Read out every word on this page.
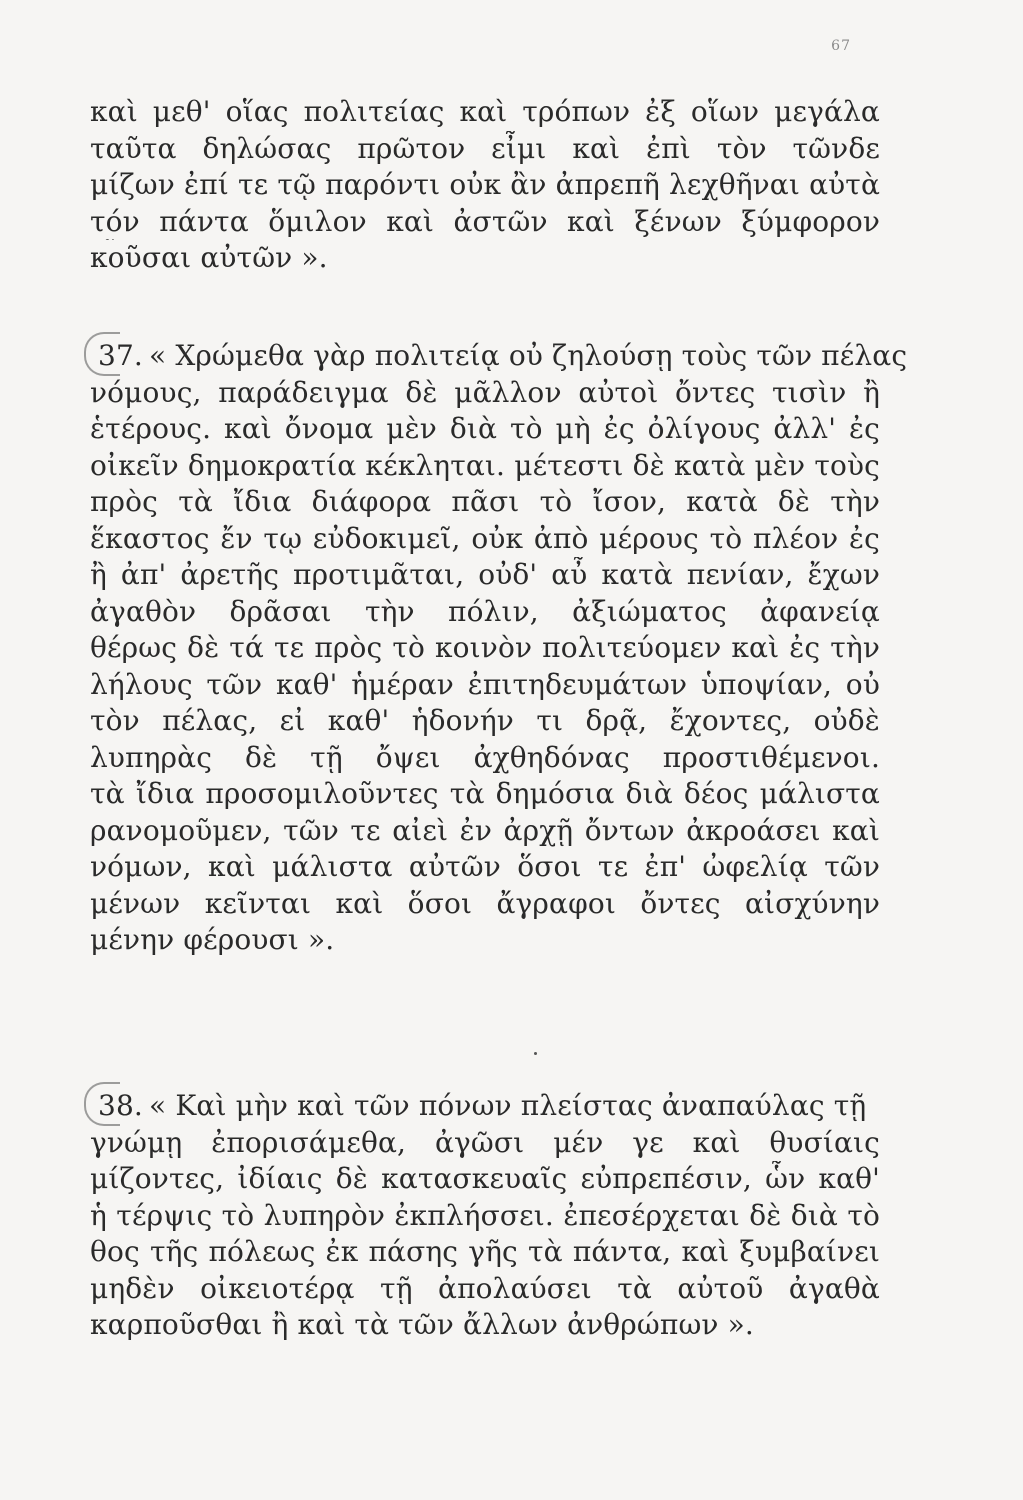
67
καὶ μεθ' οἵας πολιτείας καὶ τρόπων ἐξ οἵων μεγάλα
ταῦτα δηλώσας πρῶτον εἶμι καὶ ἐπὶ τὸν τῶνδε
μίζων ἐπί τε τῷ παρόντι οὐκ ἂν ἀπρεπῆ λεχθῆναι αὐτὰ
τόν πάντα ὅμιλον καὶ ἀστῶν καὶ ξένων ξύμφορον
κοῦσαι αὐτῶν ».
37. « Χρώμεθα γὰρ πολιτείᾳ οὐ ζηλούσῃ τοὺς τῶν πέλας
νόμους, παράδειγμα δὲ μᾶλλον αὐτοὶ ὄντες τισὶν ἢ
ἑτέρους. καὶ ὄνομα μὲν διὰ τὸ μὴ ἐς ὀλίγους ἀλλ' ἐς
οἰκεῖν δημοκρατία κέκληται. μέτεστι δὲ κατὰ μὲν τοὺς
πρὸς τὰ ἴδια διάφορα πᾶσι τὸ ἴσον, κατὰ δὲ τὴν
ἕκαστος ἔν τῳ εὐδοκιμεῖ, οὐκ ἀπὸ μέρους τὸ πλέον ἐς
ἢ ἀπ' ἀρετῆς προτιμᾶται, οὐδ' αὖ κατὰ πενίαν, ἔχων
ἀγαθὸν δρᾶσαι τὴν πόλιν, ἀξιώματος ἀφανείᾳ
θέρως δὲ τά τε πρὸς τὸ κοινὸν πολιτεύομεν καὶ ἐς τὴν
λήλους τῶν καθ' ἡμέραν ἐπιτηδευμάτων ὑποψίαν, οὐ
τὸν πέλας, εἰ καθ' ἡδονήν τι δρᾷ, ἔχοντες, οὐδὲ
λυπηρὰς δὲ τῇ ὄψει ἀχθηδόνας προστιθέμενοι.
τὰ ἴδια προσομιλοῦντες τὰ δημόσια διὰ δέος μάλιστα
ρανομοῦμεν, τῶν τε αἰεὶ ἐν ἀρχῇ ὄντων ἀκροάσει καὶ
νόμων, καὶ μάλιστα αὐτῶν ὅσοι τε ἐπ' ὠφελίᾳ τῶν
μένων κεῖνται καὶ ὅσοι ἄγραφοι ὄντες αἰσχύνην
μένην φέρουσι ».
38. « Καὶ μὴν καὶ τῶν πόνων πλείστας ἀναπαύλας τῇ
γνώμῃ ἐπορισάμεθα, ἀγῶσι μέν γε καὶ θυσίαις
μίζοντες, ἰδίαις δὲ κατασκευαῖς εὐπρεπέσιν, ὧν καθ'
ἡ τέρψις τὸ λυπηρὸν ἐκπλήσσει. ἐπεσέρχεται δὲ διὰ τὸ
θος τῆς πόλεως ἐκ πάσης γῆς τὰ πάντα, καὶ ξυμβαίνει
μηδὲν οἰκειοτέρᾳ τῇ ἀπολαύσει τὰ αὐτοῦ ἀγαθὰ
καρποῦσθαι ἢ καὶ τὰ τῶν ἄλλων ἀνθρώπων ».
